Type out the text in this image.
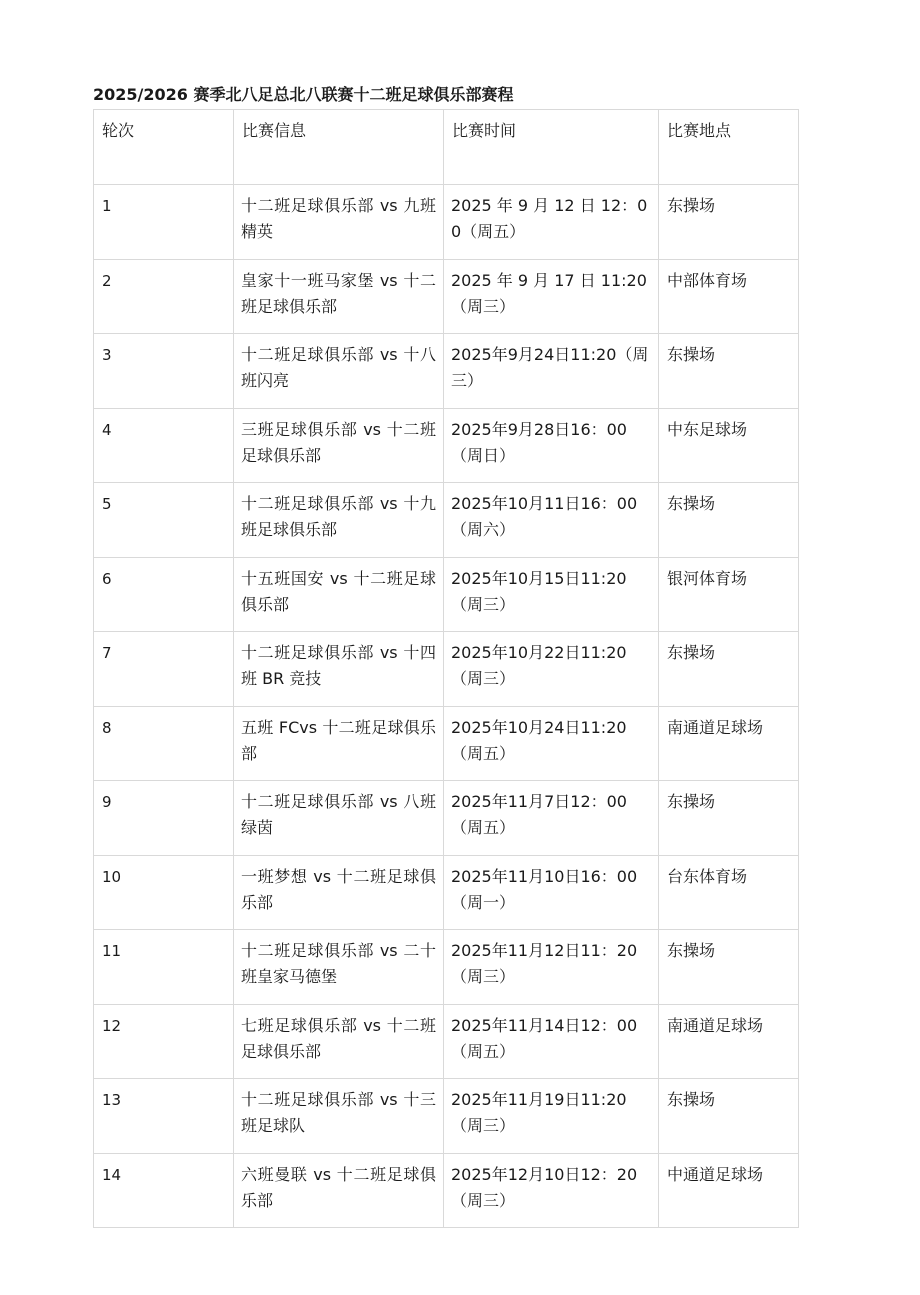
2025/2026 赛季北八足总北八联赛十二班足球俱乐部赛程
轮次	比赛信息	比赛时间	比赛地点
1	十二班足球俱乐部 vs 九班精英	2025 年 9 月 12 日 12：00（周五）	东操场
2	皇家十一班马家堡 vs 十二班足球俱乐部	2025 年 9 月 17 日 11:20（周三）	中部体育场
3	十二班足球俱乐部 vs 十八班闪亮	2025年9月24日11:20（周三）	东操场
4	三班足球俱乐部 vs 十二班足球俱乐部	2025年9月28日16：00（周日）	中东足球场
5	十二班足球俱乐部 vs 十九班足球俱乐部	2025年10月11日16：00（周六）	东操场
6	十五班国安 vs 十二班足球俱乐部	2025年10月15日11:20（周三）	银河体育场
7	十二班足球俱乐部 vs 十四班 BR 竞技	2025年10月22日11:20（周三）	东操场
8	五班 FCvs 十二班足球俱乐部	2025年10月24日11:20（周五）	南通道足球场
9	十二班足球俱乐部 vs 八班绿茵	2025年11月7日12：00（周五）	东操场
10	一班梦想 vs 十二班足球俱乐部	2025年11月10日16：00（周一）	台东体育场
11	十二班足球俱乐部 vs 二十班皇家马德堡	2025年11月12日11：20（周三）	东操场
12	七班足球俱乐部 vs 十二班足球俱乐部	2025年11月14日12：00（周五）	南通道足球场
13	十二班足球俱乐部 vs 十三班足球队	2025年11月19日11:20（周三）	东操场
14	六班曼联 vs 十二班足球俱乐部	2025年12月10日12：20（周三）	中通道足球场
